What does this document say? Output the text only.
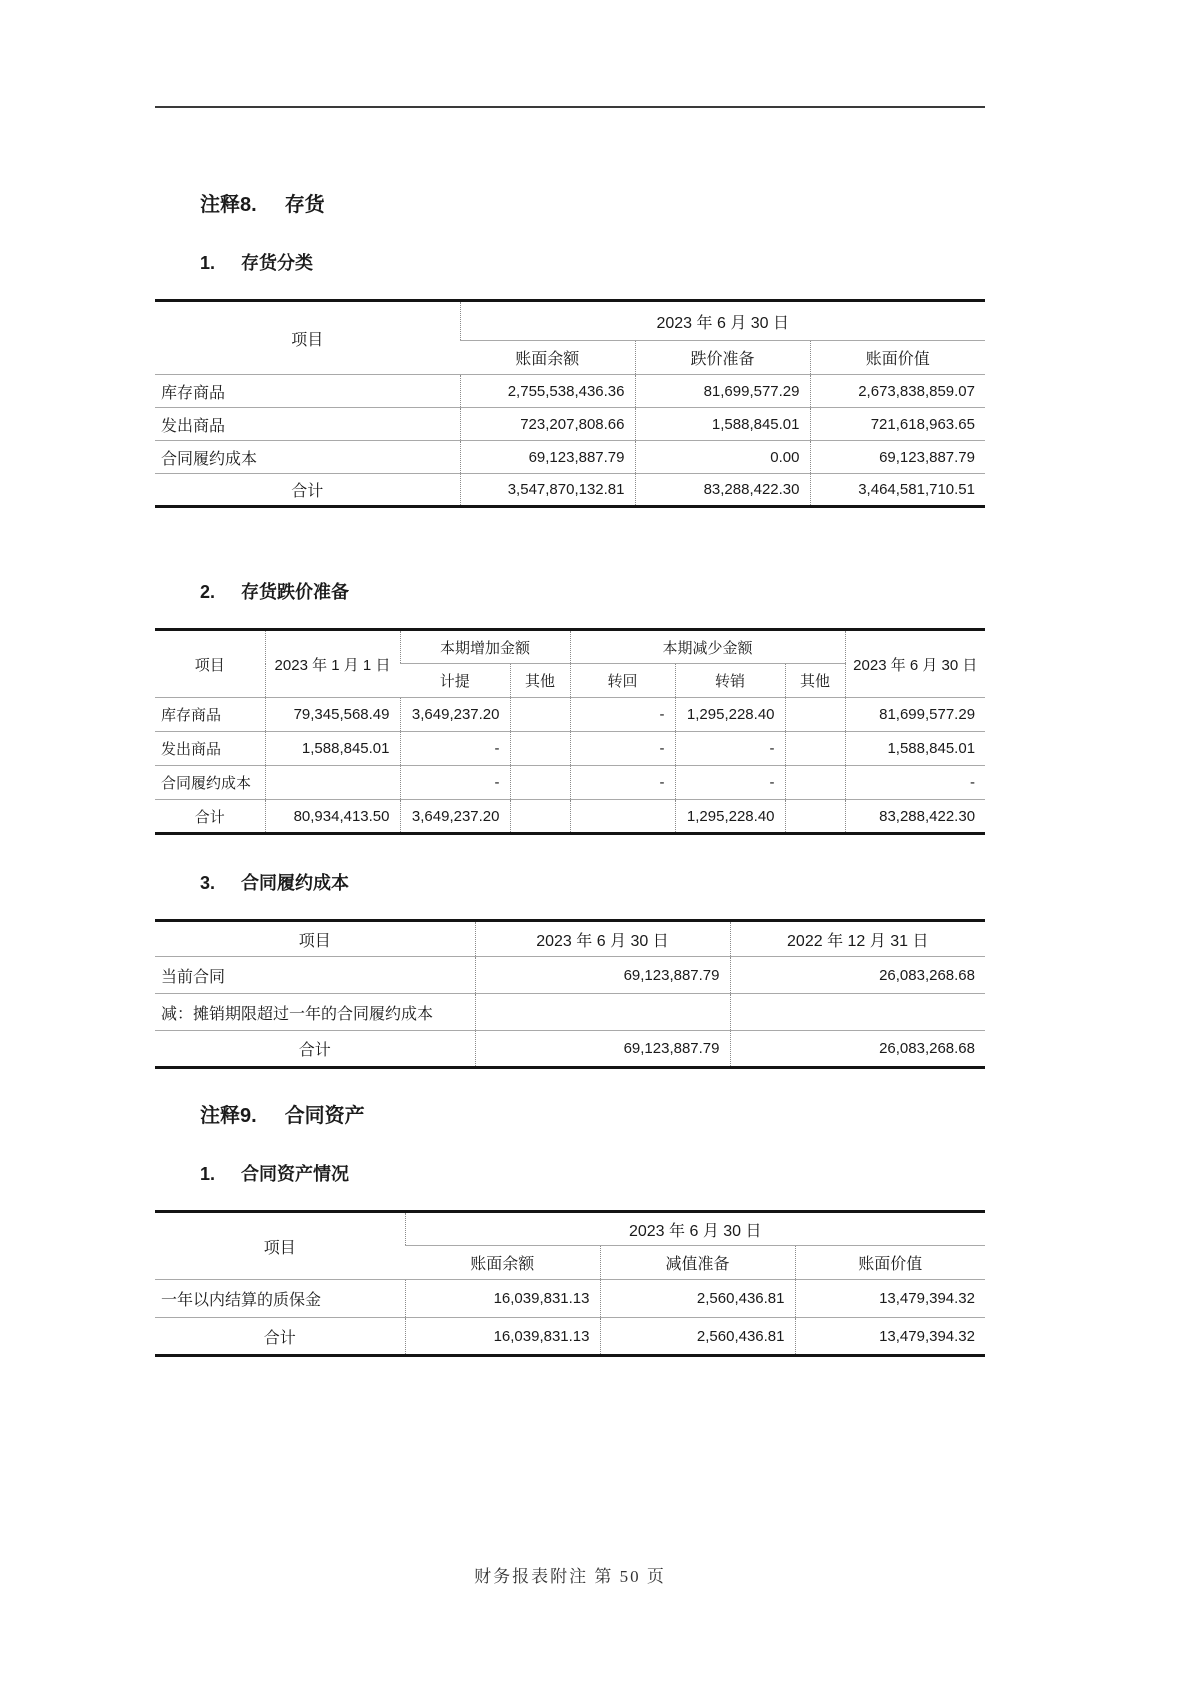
注释8. 存货
1. 存货分类
项目	2023 年 6 月 30 日		
	账面余额	跌价准备	账面价值
库存商品	2,755,538,436.36	81,699,577.29	2,673,838,859.07
发出商品	723,207,808.66	1,588,845.01	721,618,963.65
合同履约成本	69,123,887.79	0.00	69,123,887.79
合计	3,547,870,132.81	83,288,422.30	3,464,581,710.51
2. 存货跌价准备
项目	2023 年 1 月 1 日	本期增加金额		本期减少金额			2023 年 6 月 30 日
		计提	其他	转回	转销	其他	
库存商品	79,345,568.49	3,649,237.20		-	1,295,228.40		81,699,577.29
发出商品	1,588,845.01	-		-	-		1,588,845.01
合同履约成本		-		-	-		-
合计	80,934,413.50	3,649,237.20			1,295,228.40		83,288,422.30
3. 合同履约成本
项目	2023 年 6 月 30 日	2022 年 12 月 31 日
当前合同	69,123,887.79	26,083,268.68
减：摊销期限超过一年的合同履约成本		
合计	69,123,887.79	26,083,268.68
注释9. 合同资产
1. 合同资产情况
项目	2023 年 6 月 30 日		
	账面余额	减值准备	账面价值
一年以内结算的质保金	16,039,831.13	2,560,436.81	13,479,394.32
合计	16,039,831.13	2,560,436.81	13,479,394.32
财务报表附注 第 50 页
